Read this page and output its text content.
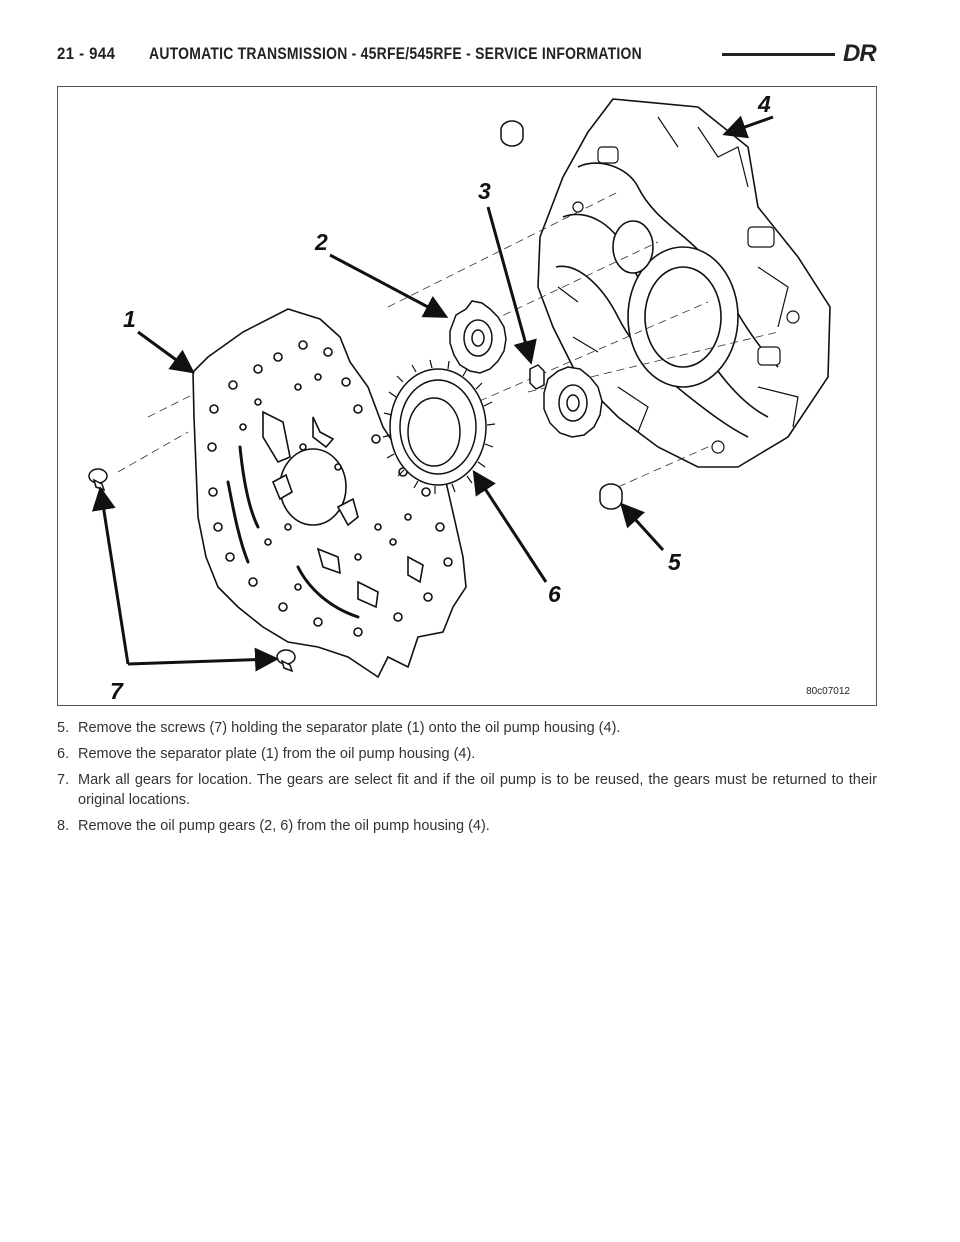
21 - 944 AUTOMATIC TRANSMISSION - 45RFE/545RFE - SERVICE INFORMATION	DR
1
2
3
4
5
6
7	80c07012
5. Remove the screws (7) holding the separator plate (1) onto the oil pump housing (4).
6. Remove the separator plate (1) from the oil pump housing (4).
7. Mark all gears for location. The gears are select fit and if the oil pump is to be reused, the gears must be returned to their original locations.
8. Remove the oil pump gears (2, 6) from the oil pump housing (4).
